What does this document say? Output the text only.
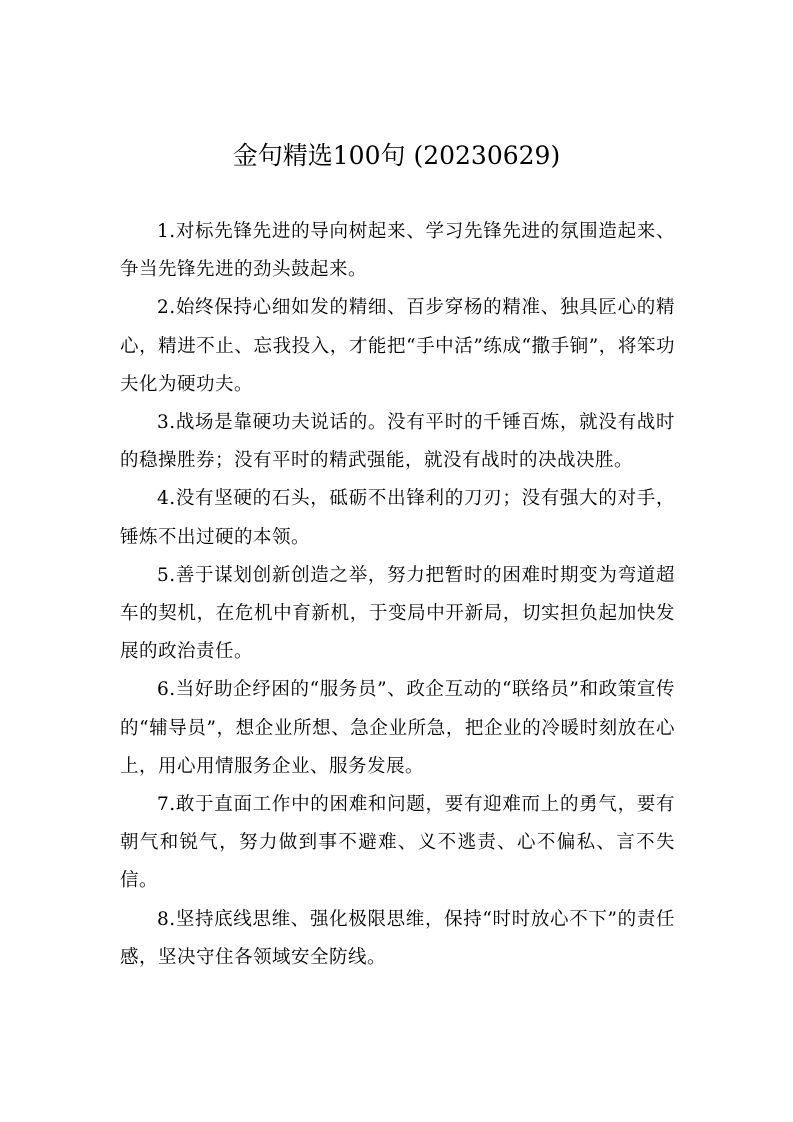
金句精选100句 (20230629)

1.对标先锋先进的导向树起来、学习先锋先进的氛围造起来、争当先锋先进的劲头鼓起来。

2.始终保持心细如发的精细、百步穿杨的精准、独具匠心的精心，精进不止、忘我投入，才能把“手中活”练成“撒手锏”，将笨功夫化为硬功夫。

3.战场是靠硬功夫说话的。没有平时的千锤百炼，就没有战时的稳操胜券；没有平时的精武强能，就没有战时的决战决胜。

4.没有坚硬的石头，砥砺不出锋利的刀刃；没有强大的对手，锤炼不出过硬的本领。

5.善于谋划创新创造之举，努力把暂时的困难时期变为弯道超车的契机，在危机中育新机，于变局中开新局，切实担负起加快发展的政治责任。

6.当好助企纾困的“服务员”、政企互动的“联络员”和政策宣传的“辅导员”，想企业所想、急企业所急，把企业的冷暖时刻放在心上，用心用情服务企业、服务发展。

7.敢于直面工作中的困难和问题，要有迎难而上的勇气，要有朝气和锐气，努力做到事不避难、义不逃责、心不偏私、言不失信。

8.坚持底线思维、强化极限思维，保持“时时放心不下”的责任感，坚决守住各领域安全防线。
